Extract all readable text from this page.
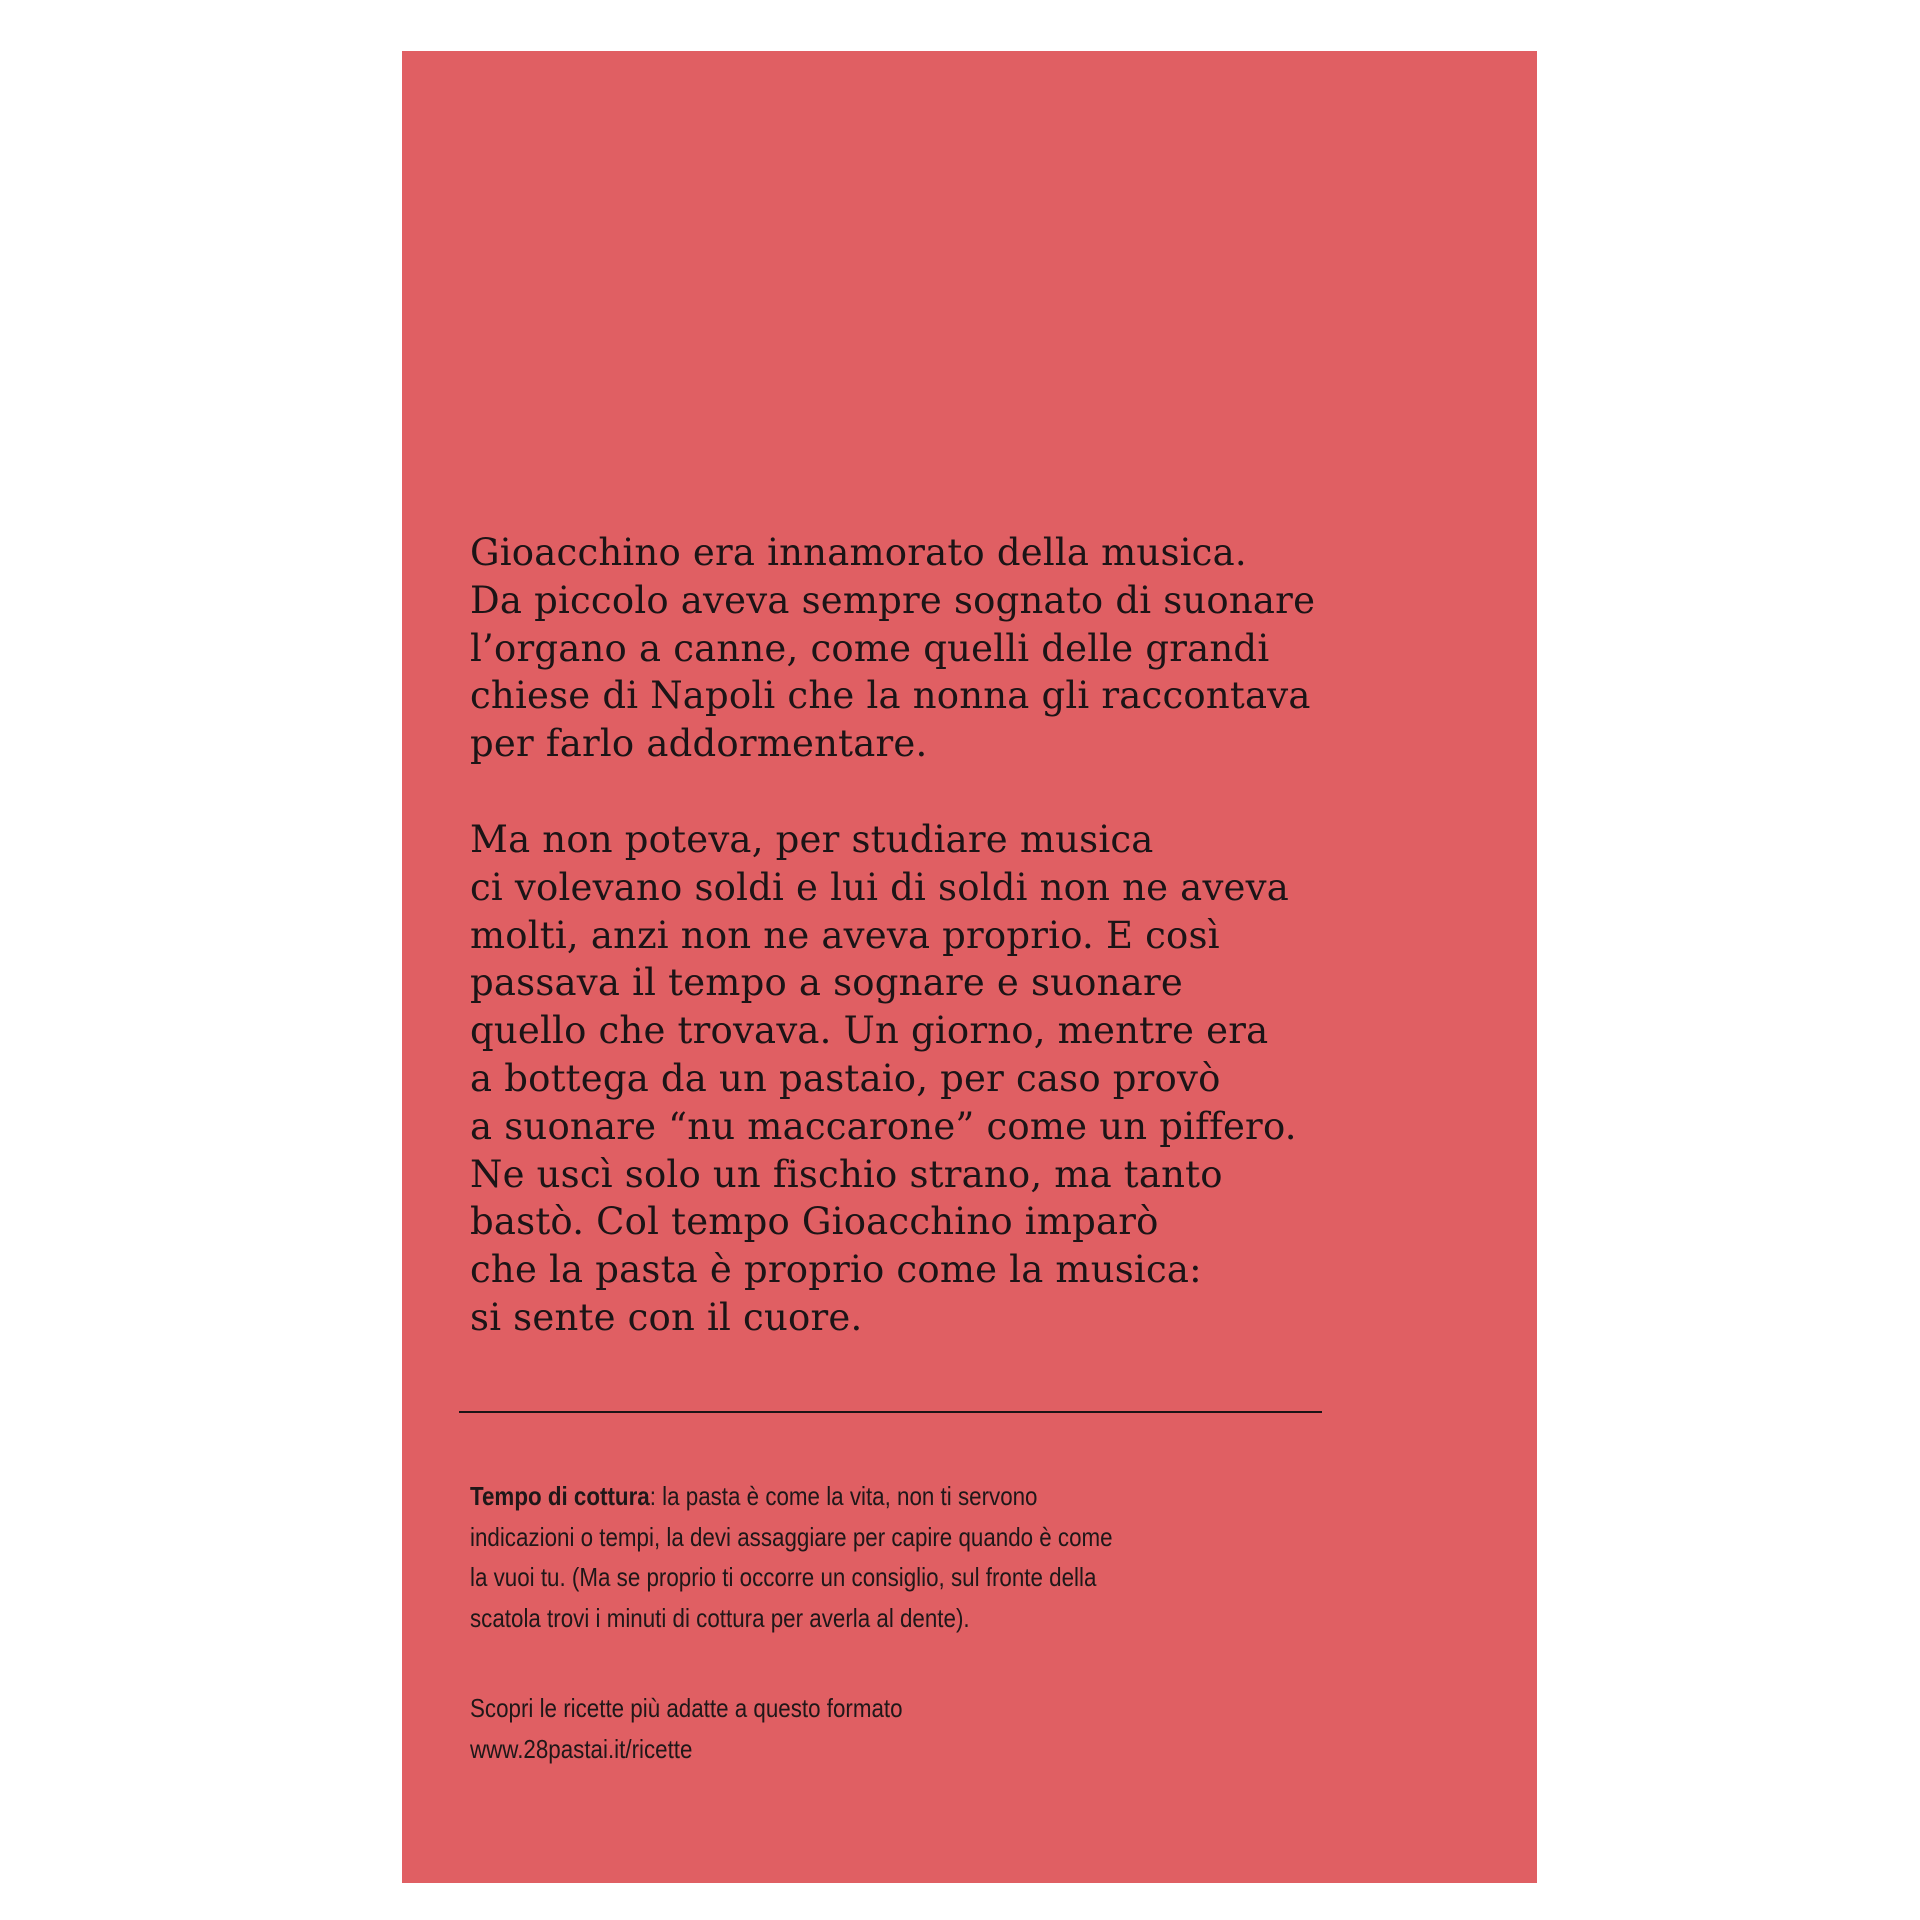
Gioacchino era innamorato della musica.
Da piccolo aveva sempre sognato di suonare
l’organo a canne, come quelli delle grandi
chiese di Napoli che la nonna gli raccontava
per farlo addormentare.
Ma non poteva, per studiare musica
ci volevano soldi e lui di soldi non ne aveva
molti, anzi non ne aveva proprio. E così
passava il tempo a sognare e suonare
quello che trovava. Un giorno, mentre era
a bottega da un pastaio, per caso provò
a suonare “nu maccarone” come un piffero.
Ne uscì solo un fischio strano, ma tanto
bastò. Col tempo Gioacchino imparò
che la pasta è proprio come la musica:
si sente con il cuore.
Tempo di cottura: la pasta è come la vita, non ti servono
indicazioni o tempi, la devi assaggiare per capire quando è come
la vuoi tu. (Ma se proprio ti occorre un consiglio, sul fronte della
scatola trovi i minuti di cottura per averla al dente).
Scopri le ricette più adatte a questo formato
www.28pastai.it/ricette
